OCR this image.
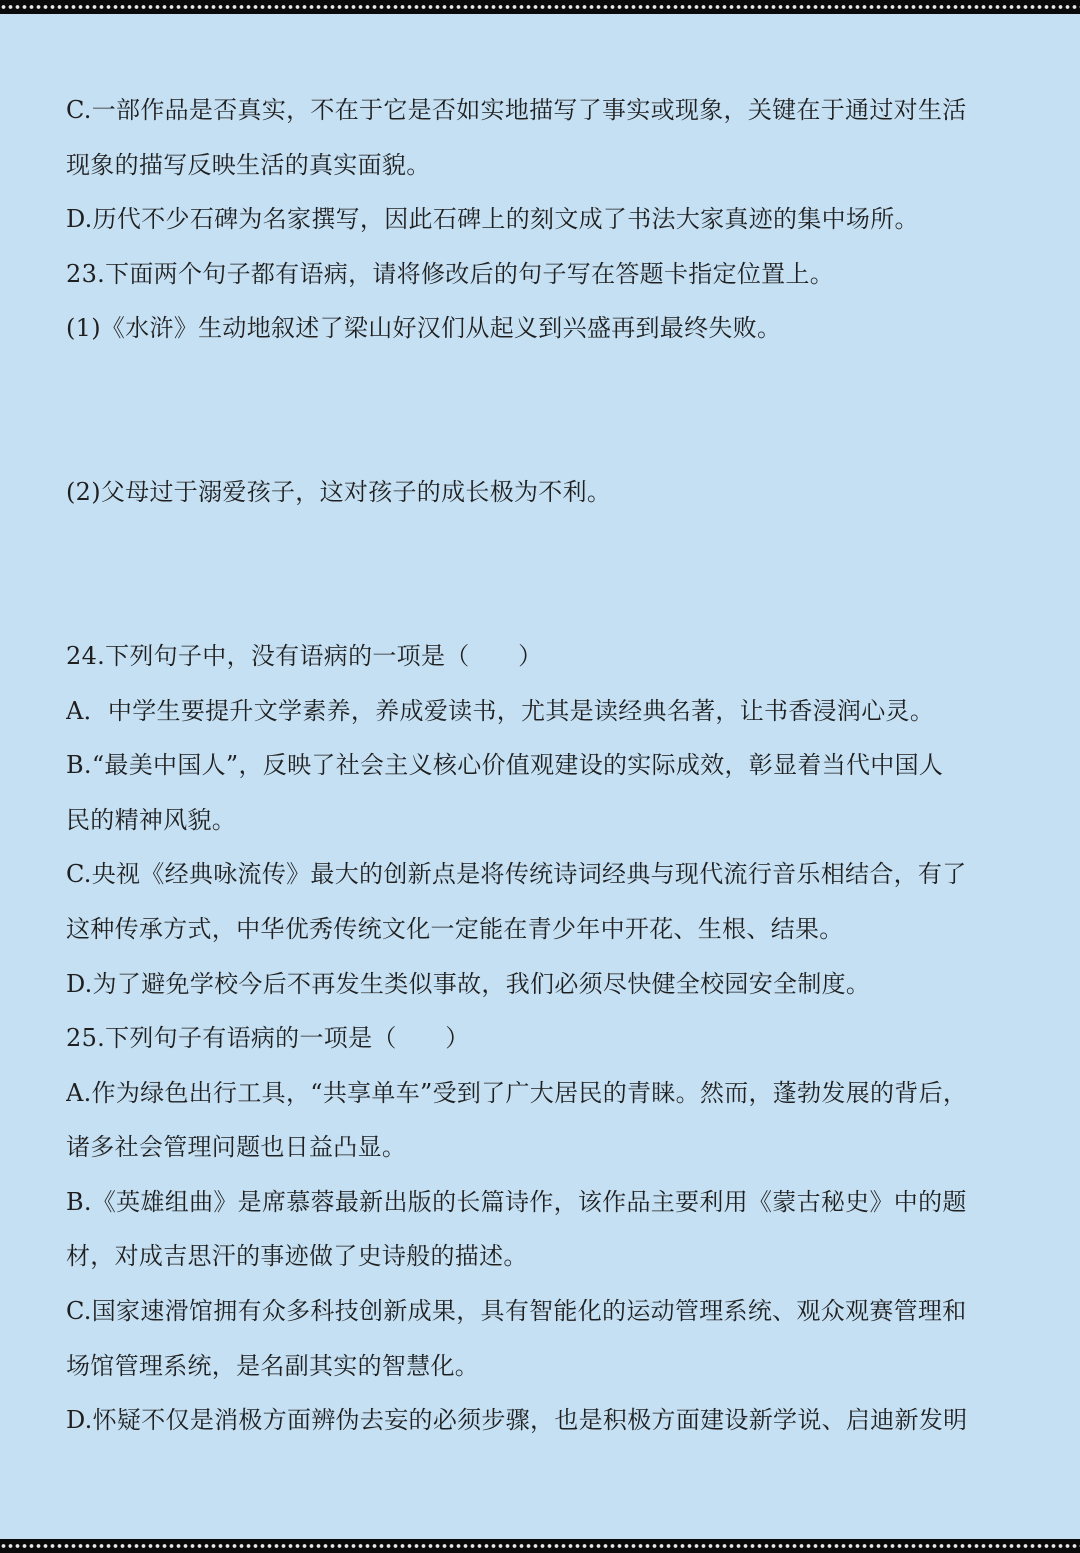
C.一部作品是否真实，不在于它是否如实地描写了事实或现象，关键在于通过对生活
现象的描写反映生活的真实面貌。
D.历代不少石碑为名家撰写，因此石碑上的刻文成了书法大家真迹的集中场所。
23.下面两个句子都有语病，请将修改后的句子写在答题卡指定位置上。
(1)《水浒》生动地叙述了梁山好汉们从起义到兴盛再到最终失败。
(2)父母过于溺爱孩子，这对孩子的成长极为不利。
24.下列句子中，没有语病的一项是（　　）
A．中学生要提升文学素养，养成爱读书，尤其是读经典名著，让书香浸润心灵。
B.“最美中国人”，反映了社会主义核心价值观建设的实际成效，彰显着当代中国人
民的精神风貌。
C.央视《经典咏流传》最大的创新点是将传统诗词经典与现代流行音乐相结合，有了
这种传承方式，中华优秀传统文化一定能在青少年中开花、生根、结果。
D.为了避免学校今后不再发生类似事故，我们必须尽快健全校园安全制度。
25.下列句子有语病的一项是（　　）
A.作为绿色出行工具，“共享单车”受到了广大居民的青睐。然而，蓬勃发展的背后，
诸多社会管理问题也日益凸显。
B.《英雄组曲》是席慕蓉最新出版的长篇诗作，该作品主要利用《蒙古秘史》中的题
材，对成吉思汗的事迹做了史诗般的描述。
C.国家速滑馆拥有众多科技创新成果，具有智能化的运动管理系统、观众观赛管理和
场馆管理系统，是名副其实的智慧化。
D.怀疑不仅是消极方面辨伪去妄的必须步骤，也是积极方面建设新学说、启迪新发明
